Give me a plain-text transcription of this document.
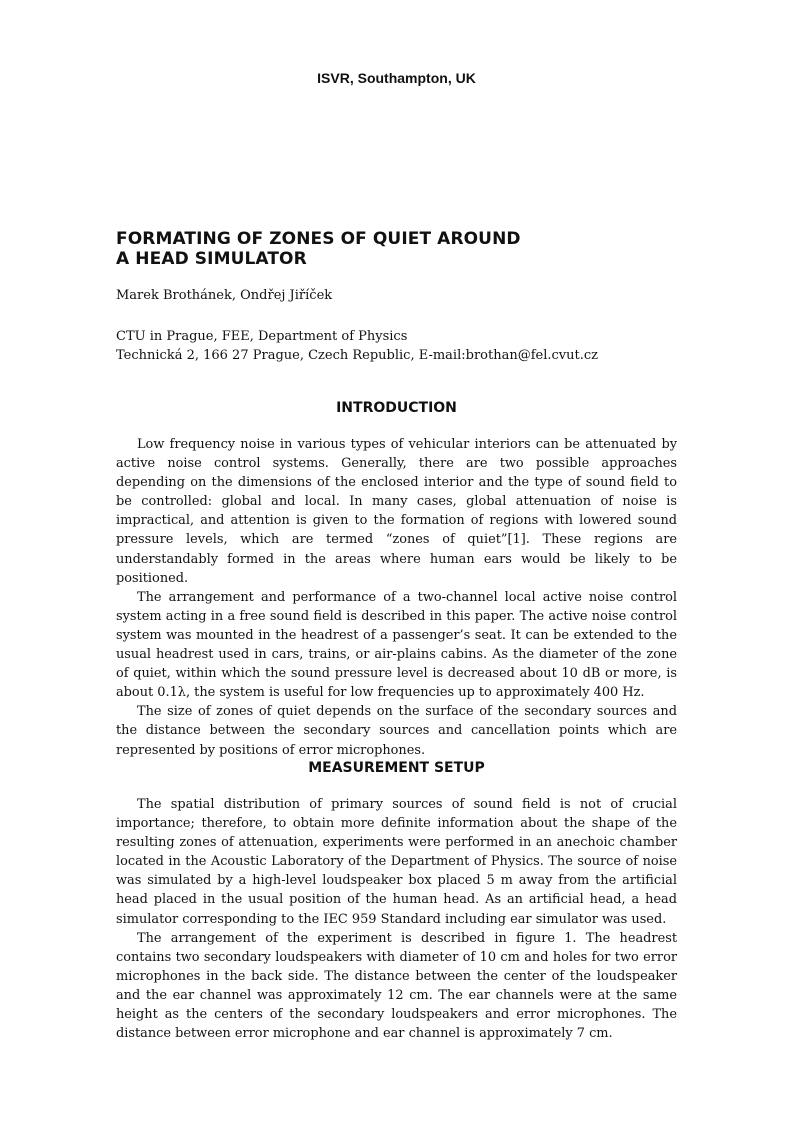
ISVR, Southampton, UK
FORMATING OF ZONES OF QUIET AROUND
A HEAD SIMULATOR
Marek Brothánek, Ondřej Jiříček
CTU in Prague, FEE, Department of Physics
Technická 2, 166 27 Prague, Czech Republic, E-mail:brothan@fel.cvut.cz
INTRODUCTION

Low frequency noise in various types of vehicular interiors can be attenuated by active noise control systems. Generally, there are two possible approaches depending on the dimensions of the enclosed interior and the type of sound field to be controlled: global and local. In many cases, global attenuation of noise is impractical, and attention is given to the formation of regions with lowered sound pressure levels, which are termed “zones of quiet”[1]. These regions are understandably formed in the areas where human ears would be likely to be positioned.

The arrangement and performance of a two-channel local active noise control system acting in a free sound field is described in this paper. The active noise control system was mounted in the headrest of a passenger’s seat. It can be extended to the usual headrest used in cars, trains, or air-plains cabins. As the diameter of the zone of quiet, within which the sound pressure level is decreased about 10 dB or more, is about 0.1λ, the system is useful for low frequencies up to approximately 400 Hz.

The size of zones of quiet depends on the surface of the secondary sources and the distance between the secondary sources and cancellation points which are represented by positions of error microphones.

MEASUREMENT SETUP

The spatial distribution of primary sources of sound field is not of crucial importance; therefore, to obtain more definite information about the shape of the resulting zones of attenuation, experiments were performed in an anechoic chamber located in the Acoustic Laboratory of the Department of Physics. The source of noise was simulated by a high-level loudspeaker box placed 5 m away from the artificial head placed in the usual position of the human head. As an artificial head, a head simulator corresponding to the IEC 959 Standard including ear simulator was used.

The arrangement of the experiment is described in figure 1. The headrest contains two secondary loudspeakers with diameter of 10 cm and holes for two error microphones in the back side. The distance between the center of the loudspeaker and the ear channel was approximately 12 cm. The ear channels were at the same height as the centers of the secondary loudspeakers and error microphones. The distance between error microphone and ear channel is approximately 7 cm.
